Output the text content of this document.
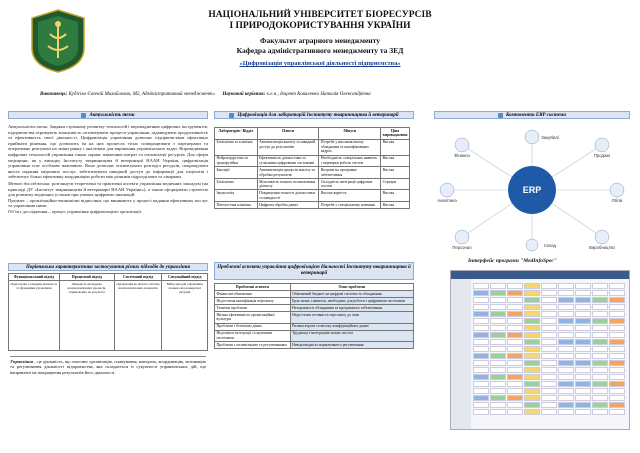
НАЦІОНАЛЬНИЙ УНІВЕРСИТЕТ БІОРЕСУРСІВ
І ПРИРОДОКОРИСТУВАННЯ УКРАЇНИ
Факультет аграрного менеджменту
Кафедра адміністративного менеджменту та ЗЕД
«Цифровізація управлінської діяльності підприємства»
Виконавець: Кудісіко Євгеній Михайлович, М2, Адміністративний менеджмент» Науковий керівник: к.е.н., доцент Коваленко Наталія Олександрівна
Актуальність теми	Цифровізація для лабораторій Інституту тваринництва й ветеринарії	Компоненти ERP системи
Актуальність теми. Завдяки стрімкому розвитку технологій і впровадженню цифрових інструментів, підприємства отримують можливість оптимізувати процеси управління, підвищувати продуктивність та ефективність своєї діяльності. Цифровізація управління дозволяє підприємствам ефективно приймати рішення, що дозволить їм на цих процесах тісно співпрацювати з партнерами та оперативно реагувати на зміни ринку і аналітики для вирішення управлінських задач. Впровадження цифрових технологій управління також сприяє зниженню витрат та оптимізації ресурсів. Для сфери медицини, як у випадку Інституту тваринництва й ветеринарії НААН України, цифровізація управління стає особливо важливою. Вона дозволяє оптимізувати розподіл ресурсів, покращувати якість надання медичних послуг, забезпечувати швидкий доступ до інформації для пацієнтів і забезпечує більш ефективну координацію роботи між різними підрозділами та лікарями.
Метою дослідження: розглянути теоретичні та практичні аспекти управління медичних закладом (на прикладі ДУ «Інститут тваринництва й ветеринарії НААН України»), а також сформувати стратегію для розвитку медичних установ при умовах цифрових інновацій.
Предмет – організаційно-економічні відносини, що виникають у процесі надання ефективних послуг та управління ними.
Об’єкт дослідження – процес управління цифровізацією організації.
Лабораторія / Відділ	Плюси	Мінуси	Ціна впровадження
Біохімічна та клінічна	Автоматизація аналізу та швидкий доступ до результатів	Потреба у високоякісному обладнанні та кваліфікованих кадрах	Висока
Нейрохірургічна та трансфузійна	Ефективність діагностики за сучасними цифровими системами	Необхідність спеціальних навичок і перевірки роботи систем	Висока
Бактерії	Автоматизація процесів аналізу та обробки результатів	Витрати на програмне забезпечення	Висока
Біохімічна	Можливість точного встановлення діагнозу	Складність інтеграції цифрових систем	Середня
Імунологія	Покращення точності діагностики та швидкості	Висока вартість	Висока
Патологічна клінічна	Цифрова обробка даних	Потреба у спеціальному навчанні	Висока
ERP
Фінанси
Закупівлі
Продажі
Облік
Виробництво
Склад
Персонал
Аналітика
Інтерфейс програми "MedInfoSpec"
Порівняльна характеристика застосування різних підходів до управління
Функціональний підхід	Процесний підхід	Системний підхід	Ситуаційний підхід
Поділ праці за видами діяльності та функціями управління	Діяльність як мережа взаємопов'язаних процесів, спрямованих на результат	Організація як цілісна система взаємопов'язаних елементів	Вибір методів управління залежно від конкретної ситуації
Управління – це діяльність, що охоплює організацію, планування, контроль, координацію, мотивацію та регулювання діяльності підприємства, яка складається із сукупності управлінських дій, що направлені на покращення результатів його діяльності.
Проблемні аспекти управління цифровізацією діяльності Інституту тваринництва й ветеринарії
Проблемні аспекти	Опис проблеми
Фінансові обмеження	Обмежений бюджет на цифрові системи та обладнання
Недостатня кваліфікація персоналу	Брак знань і навичок, необхідних для роботи з цифровими системами
Технічні проблеми	Несправності обладнання та програмного забезпечення
Низька ефективність організаційної культури	Недостатня готовність персоналу до змін
Проблеми з безпекою даних	Ризики втрати та витоку конфіденційних даних
Недоліки в інтеграції з існуючими системами	Труднощі з інтеграцією нових систем
Проблеми з оптимізацією та регулюванням	Невідповідність нормативного регулювання
